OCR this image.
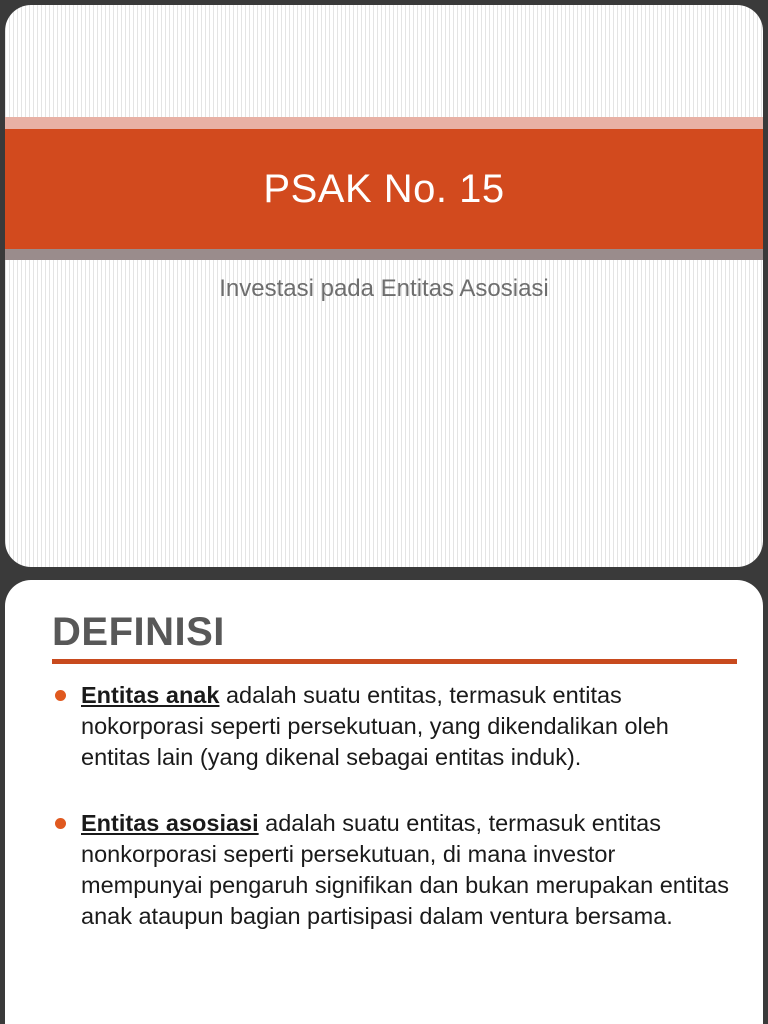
PSAK No. 15
Investasi pada Entitas Asosiasi
DEFINISI
Entitas anak adalah suatu entitas, termasuk entitas nokorporasi seperti persekutuan, yang dikendalikan oleh entitas lain (yang dikenal sebagai entitas induk).
Entitas asosiasi adalah suatu entitas, termasuk entitas nonkorporasi seperti persekutuan, di mana investor mempunyai pengaruh signifikan dan bukan merupakan entitas anak ataupun bagian partisipasi dalam ventura bersama.
